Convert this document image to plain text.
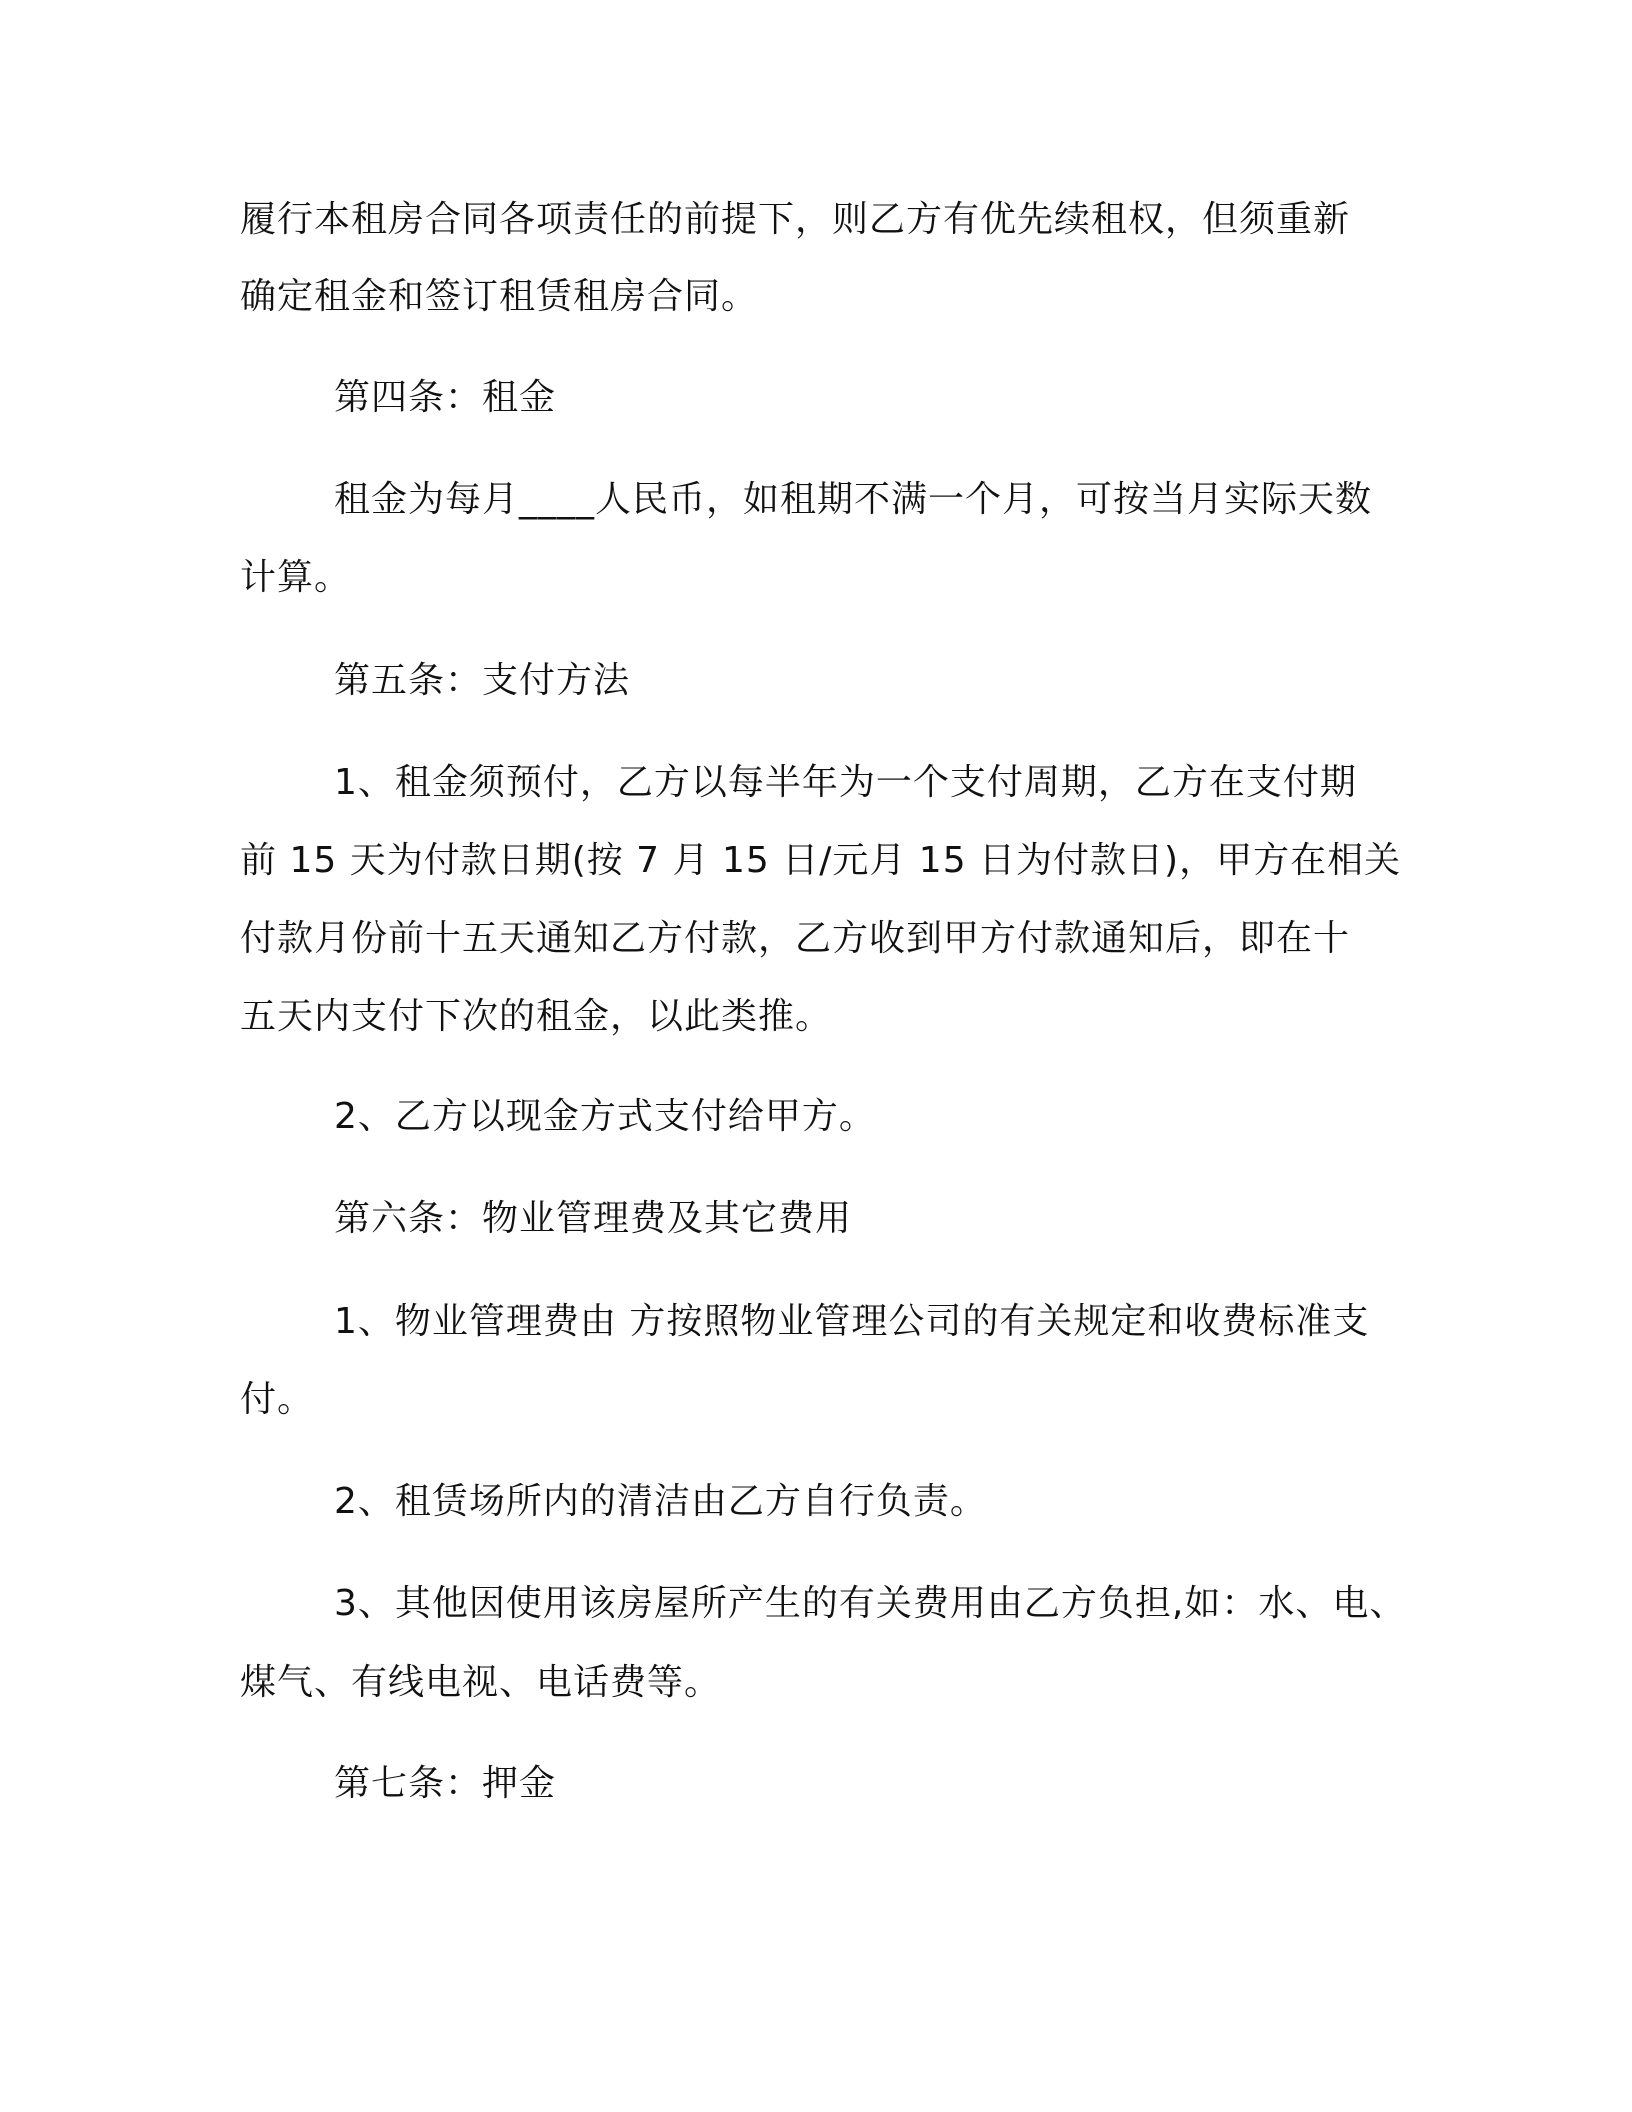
履行本租房合同各项责任的前提下，则乙方有优先续租权，但须重新

确定租金和签订租赁租房合同。

第四条：租金

租金为每月____人民币，如租期不满一个月，可按当月实际天数

计算。

第五条：支付方法

1、租金须预付，乙方以每半年为一个支付周期，乙方在支付期

前 15 天为付款日期(按 7 月 15 日/元月 15 日为付款日)，甲方在相关

付款月份前十五天通知乙方付款，乙方收到甲方付款通知后，即在十

五天内支付下次的租金，以此类推。

2、乙方以现金方式支付给甲方。

第六条：物业管理费及其它费用

1、物业管理费由 方按照物业管理公司的有关规定和收费标准支

付。

2、租赁场所内的清洁由乙方自行负责。

3、其他因使用该房屋所产生的有关费用由乙方负担,如：水、电、

煤气、有线电视、电话费等。

第七条：押金
